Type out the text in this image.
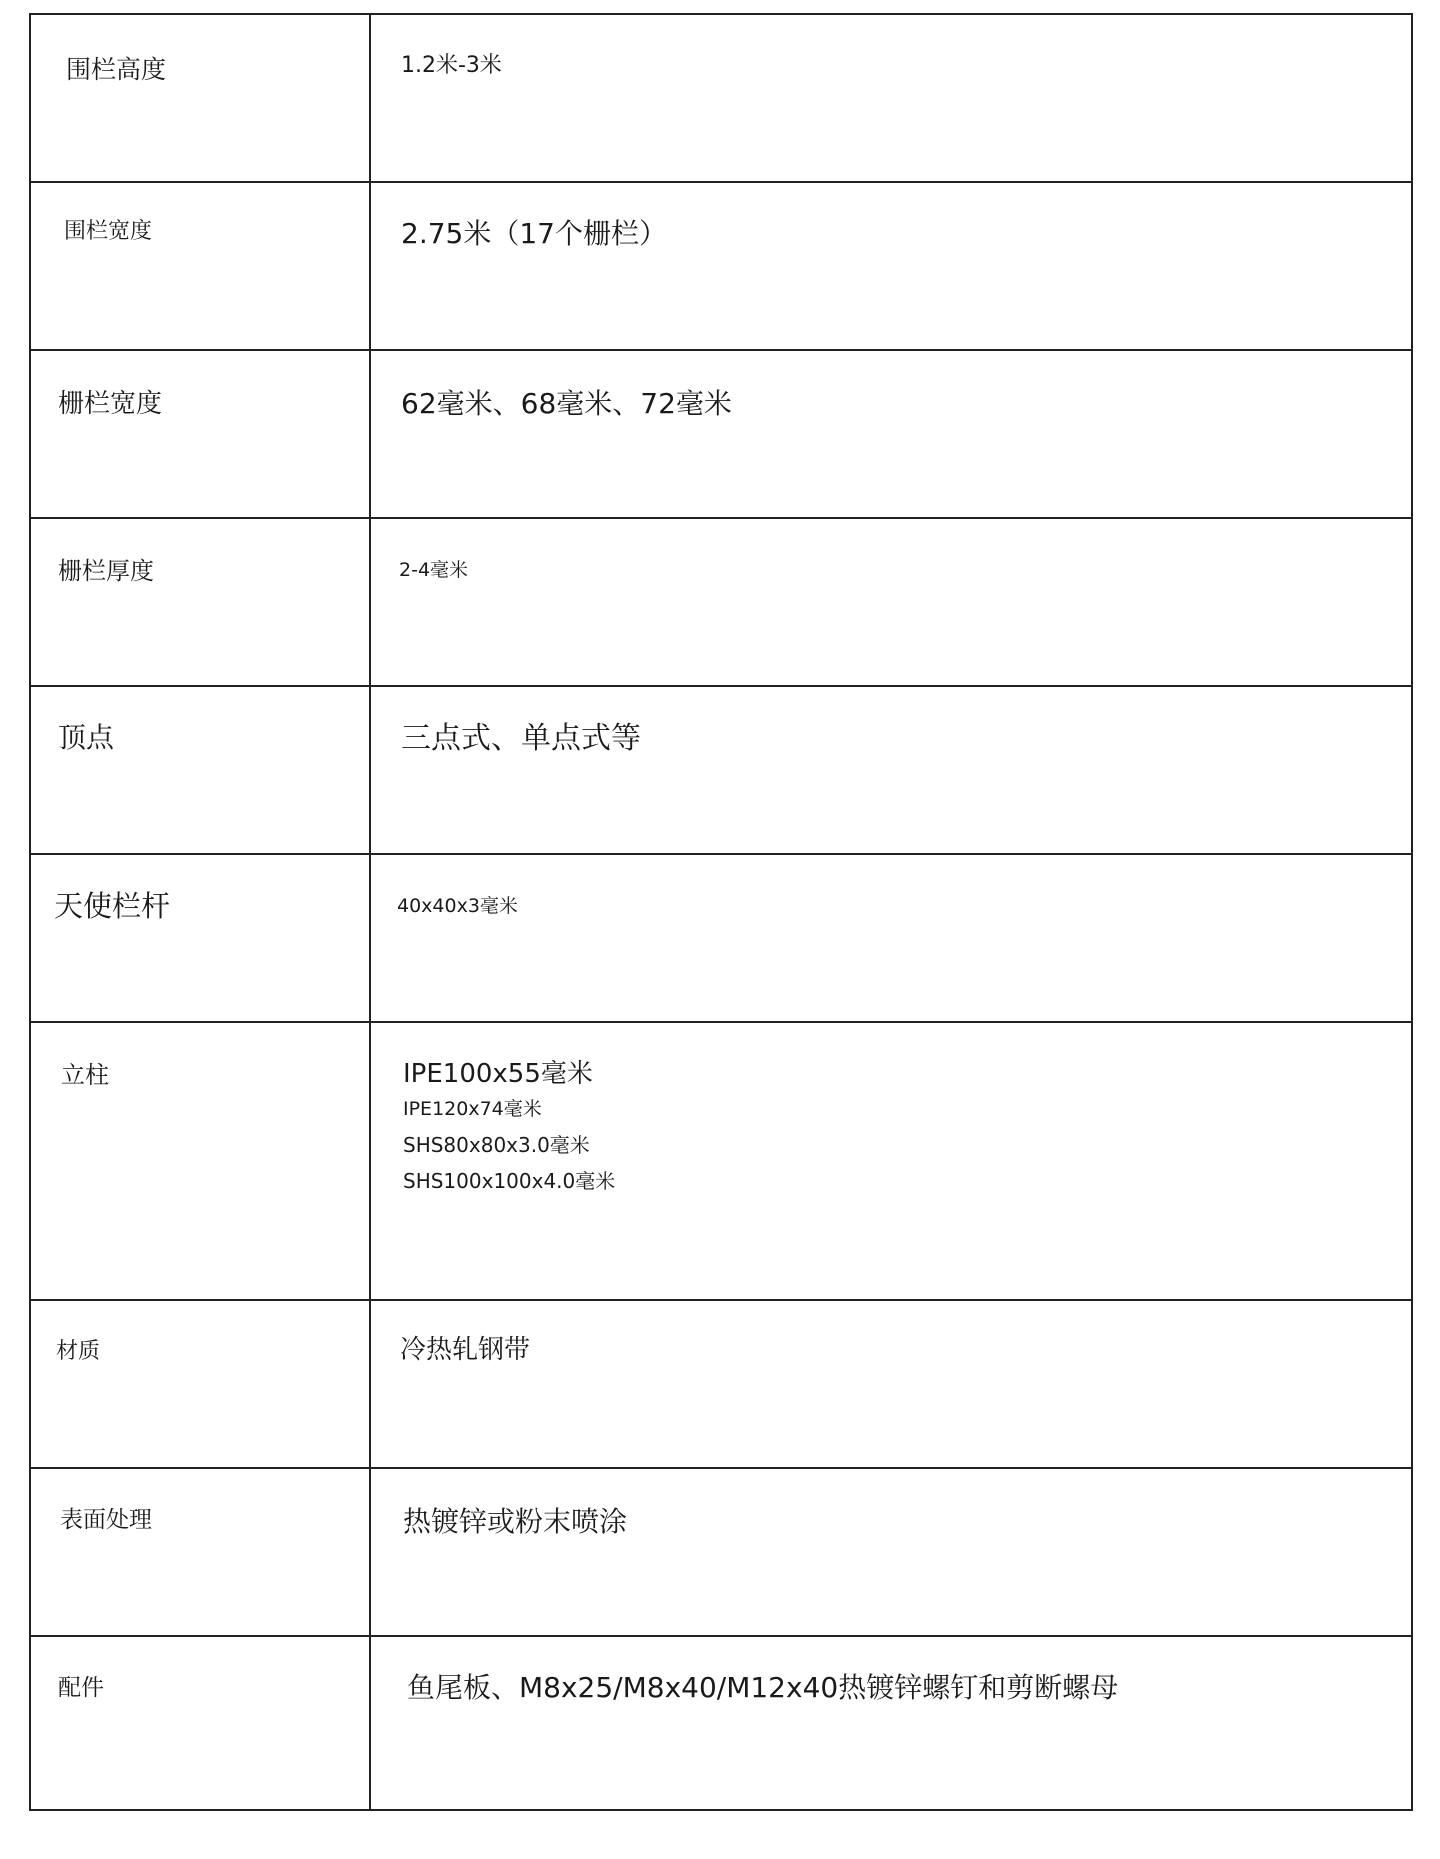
围栏高度	1.2米-3米

围栏宽度	2.75米（17个栅栏）

栅栏宽度	62毫米、68毫米、72毫米

栅栏厚度	2-4毫米

顶点	三点式、单点式等

天使栏杆	40x40x3毫米

立柱	IPE100x55毫米
IPE120x74毫米
SHS80x80x3.0毫米
SHS100x100x4.0毫米

材质	冷热轧钢带

表面处理	热镀锌或粉末喷涂

配件	鱼尾板、M8x25/M8x40/M12x40热镀锌螺钉和剪断螺母
